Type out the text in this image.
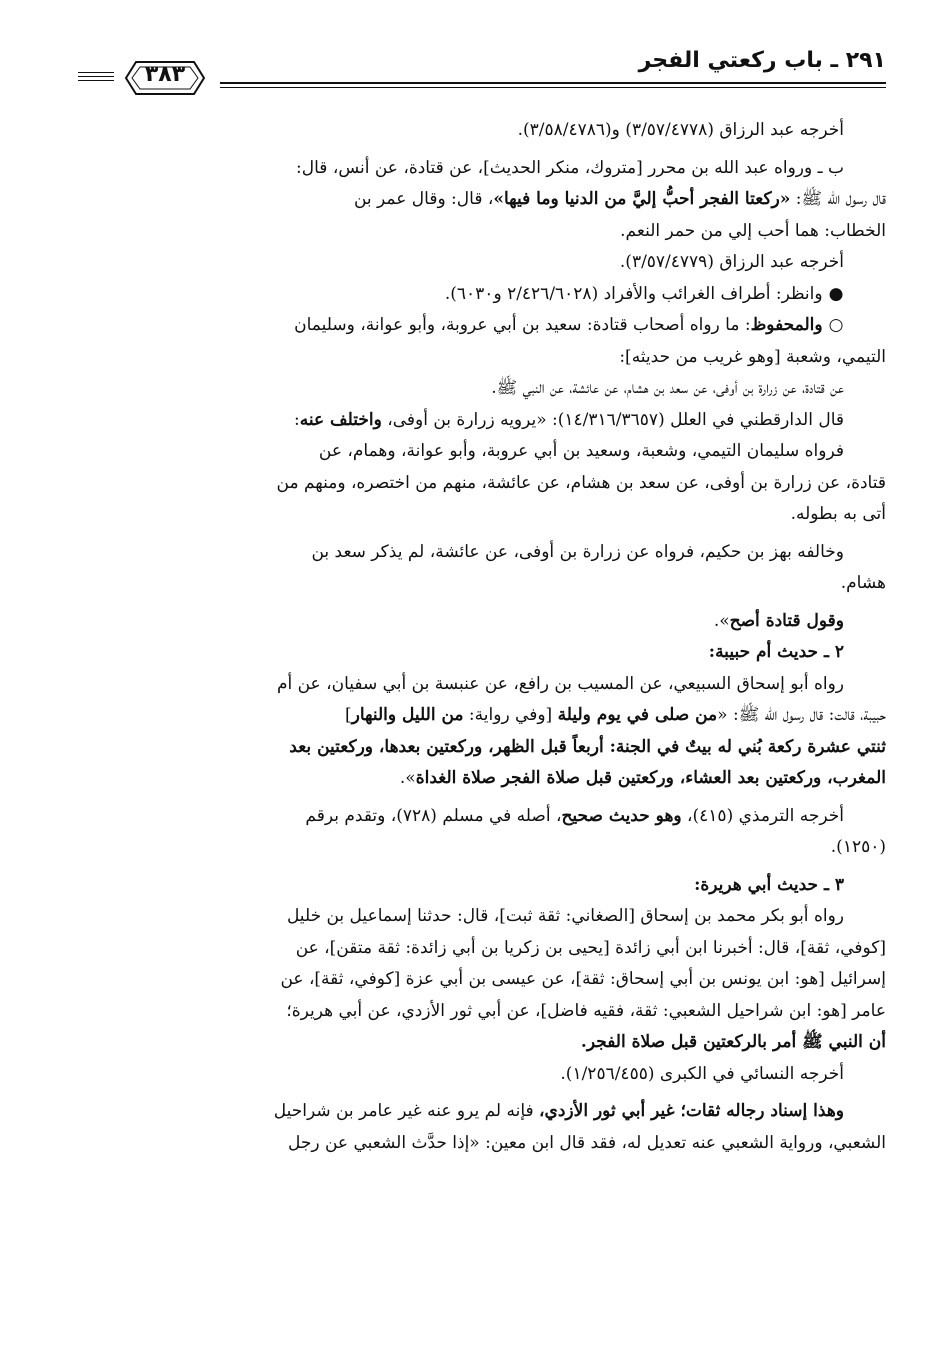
٢٩١ ـ باب ركعتي الفجر
٣٨٣
أخرجه عبد الرزاق (٣/٥٧/٤٧٧٨) و(٣/٥٨/٤٧٨٦).
ب ـ ورواه عبد الله بن محرر [متروك، منكر الحديث]، عن قتادة، عن أنس، قال:
قال رسول الله ﷺ: «ركعتا الفجر أحبُّ إليَّ من الدنيا وما فيها»، قال: وقال عمر بن
الخطاب: هما أحب إلي من حمر النعم.
أخرجه عبد الرزاق (٣/٥٧/٤٧٧٩).
● وانظر: أطراف الغرائب والأفراد (٢/٤٢٦/٦٠٢٨ و٦٠٣٠).
○ والمحفوظ: ما رواه أصحاب قتادة: سعيد بن أبي عروبة، وأبو عوانة، وسليمان
التيمي، وشعبة [وهو غريب من حديثه]:
عن قتادة، عن زرارة بن أوفى، عن سعد بن هشام، عن عائشة، عن النبي ﷺ.
قال الدارقطني في العلل (١٤/٣١٦/٣٦٥٧): «يرويه زرارة بن أوفى، واختلف عنه:
فرواه سليمان التيمي، وشعبة، وسعيد بن أبي عروبة، وأبو عوانة، وهمام، عن
قتادة، عن زرارة بن أوفى، عن سعد بن هشام، عن عائشة، منهم من اختصره، ومنهم من
أتى به بطوله.
وخالفه بهز بن حكيم، فرواه عن زرارة بن أوفى، عن عائشة، لم يذكر سعد بن
هشام.
وقول قتادة أصح».
٢ ـ حديث أم حبيبة:
رواه أبو إسحاق السبيعي، عن المسيب بن رافع، عن عنبسة بن أبي سفيان، عن أم
حبيبة، قالت: قال رسول الله ﷺ: «من صلى في يوم وليلة [وفي رواية: من الليل والنهار]
ثنتي عشرة ركعة بُني له بيتٌ في الجنة: أربعاً قبل الظهر، وركعتين بعدها، وركعتين بعد
المغرب، وركعتين بعد العشاء، وركعتين قبل صلاة الفجر صلاة الغداة».
أخرجه الترمذي (٤١٥)، وهو حديث صحيح، أصله في مسلم (٧٢٨)، وتقدم برقم
(١٢٥٠).
٣ ـ حديث أبي هريرة:
رواه أبو بكر محمد بن إسحاق [الصغاني: ثقة ثبت]، قال: حدثنا إسماعيل بن خليل
[كوفي، ثقة]، قال: أخبرنا ابن أبي زائدة [يحيى بن زكريا بن أبي زائدة: ثقة متقن]، عن
إسرائيل [هو: ابن يونس بن أبي إسحاق: ثقة]، عن عيسى بن أبي عزة [كوفي، ثقة]، عن
عامر [هو: ابن شراحيل الشعبي: ثقة، فقيه فاضل]، عن أبي ثور الأزدي، عن أبي هريرة؛
أن النبي ﷺ أمر بالركعتين قبل صلاة الفجر.
أخرجه النسائي في الكبرى (١/٢٥٦/٤٥٥).
وهذا إسناد رجاله ثقات؛ غير أبي ثور الأزدي، فإنه لم يرو عنه غير عامر بن شراحيل
الشعبي، ورواية الشعبي عنه تعديل له، فقد قال ابن معين: «إذا حدَّث الشعبي عن رجل
